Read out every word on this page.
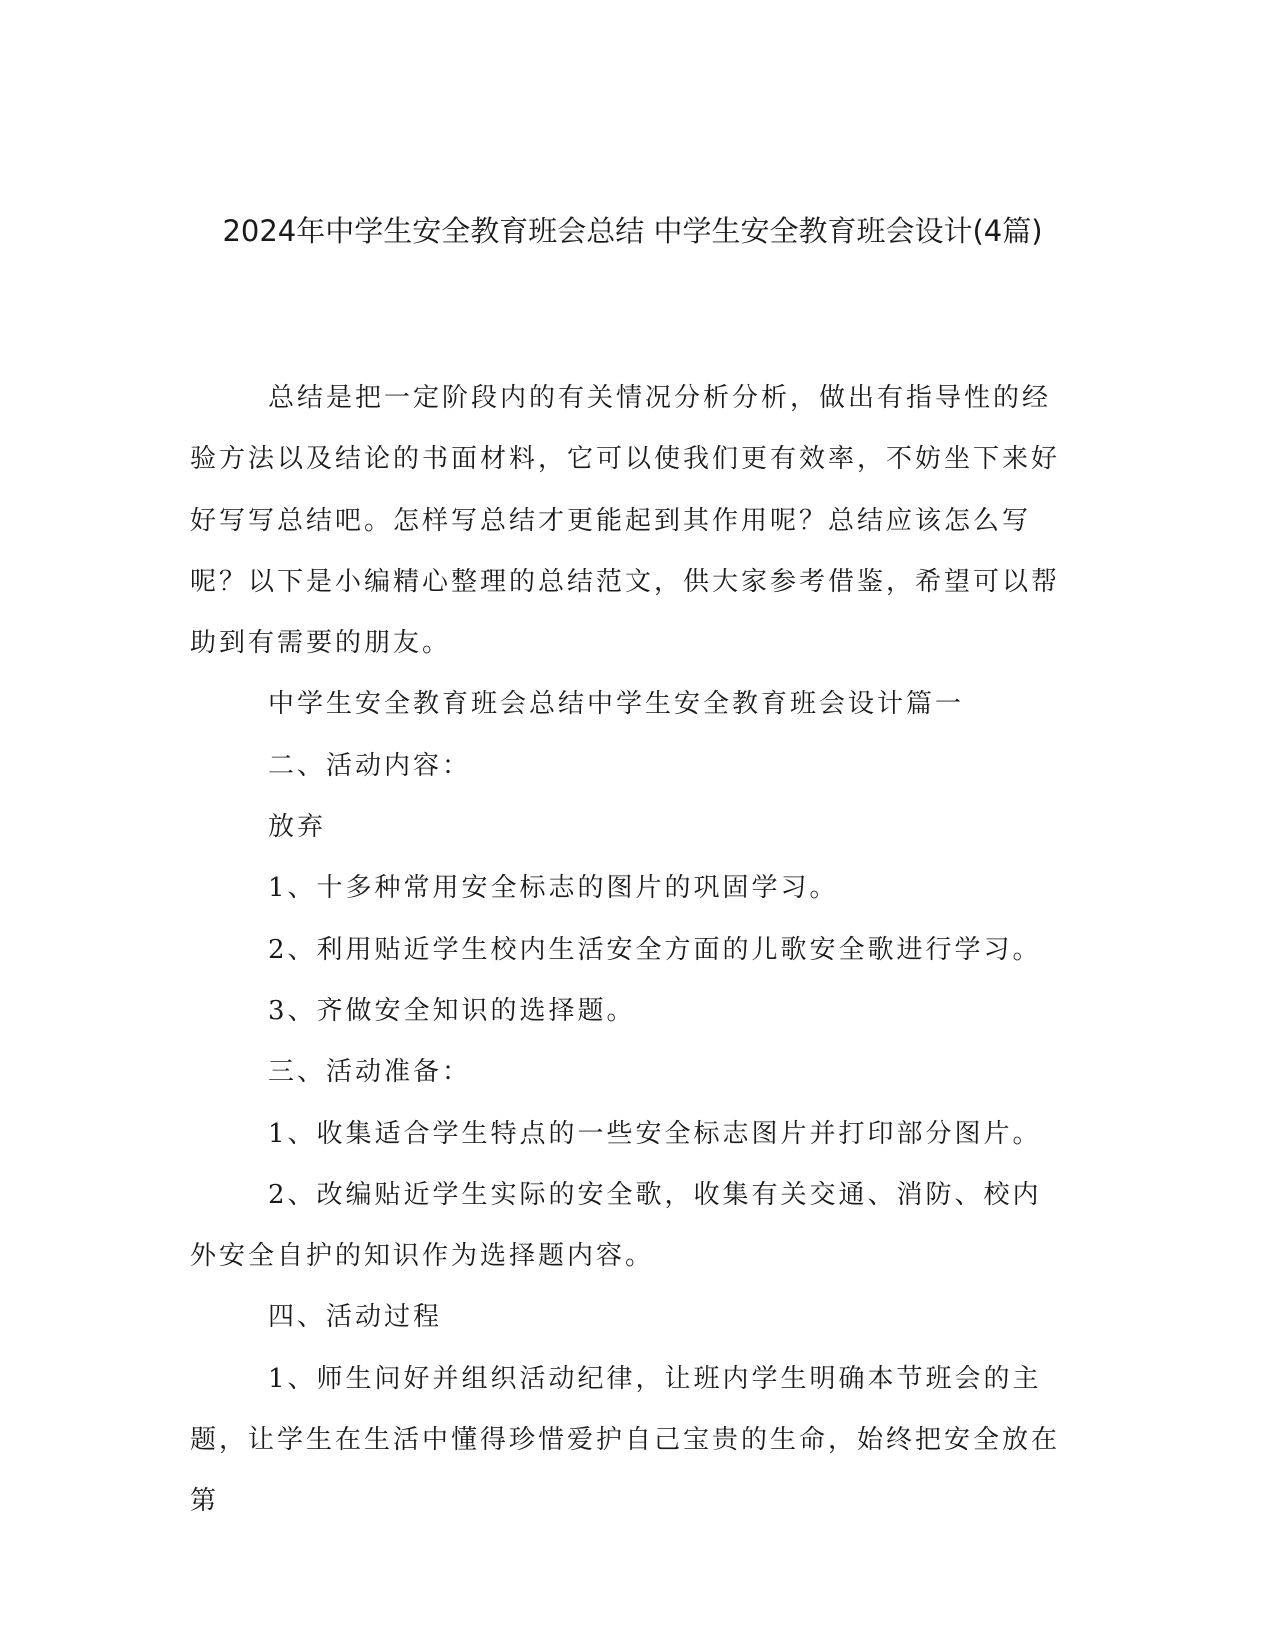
2024年中学生安全教育班会总结 中学生安全教育班会设计(4篇)

总结是把一定阶段内的有关情况分析分析，做出有指导性的经验方法以及结论的书面材料，它可以使我们更有效率，不妨坐下来好好写写总结吧。怎样写总结才更能起到其作用呢？总结应该怎么写呢？以下是小编精心整理的总结范文，供大家参考借鉴，希望可以帮助到有需要的朋友。

中学生安全教育班会总结中学生安全教育班会设计篇一

二、活动内容：

放弃

1、十多种常用安全标志的图片的巩固学习。

2、利用贴近学生校内生活安全方面的儿歌安全歌进行学习。

3、齐做安全知识的选择题。

三、活动准备：

1、收集适合学生特点的一些安全标志图片并打印部分图片。

2、改编贴近学生实际的安全歌，收集有关交通、消防、校内外安全自护的知识作为选择题内容。

四、活动过程

1、师生问好并组织活动纪律，让班内学生明确本节班会的主题，让学生在生活中懂得珍惜爱护自己宝贵的生命，始终把安全放在第
